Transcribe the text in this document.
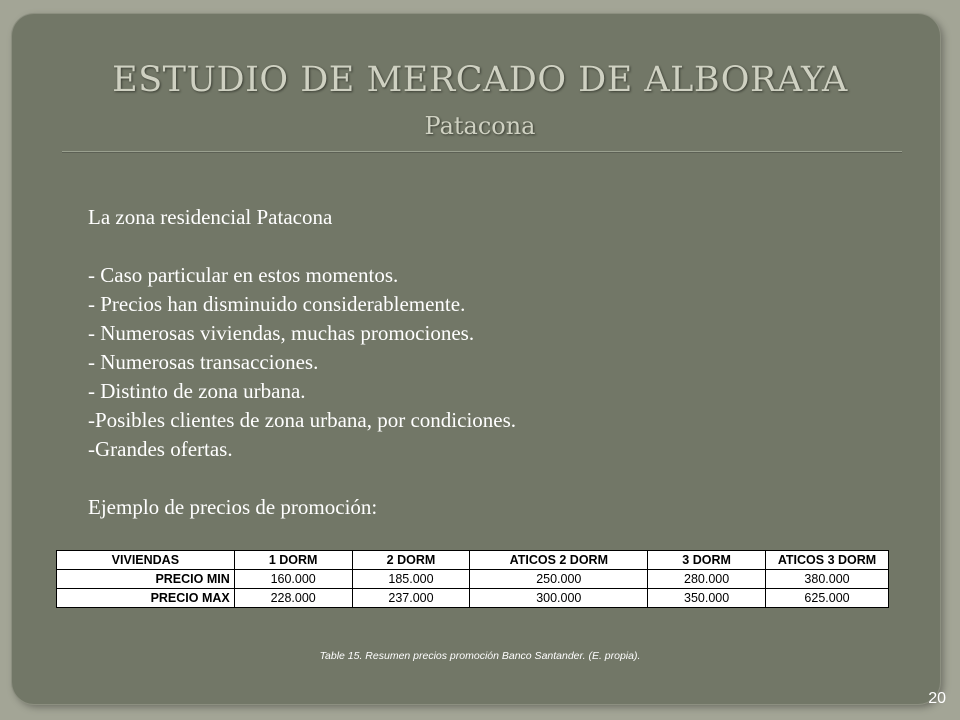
ESTUDIO DE MERCADO DE ALBORAYA
Patacona
La zona residencial Patacona
- Caso particular en estos momentos.
- Precios han disminuido considerablemente.
- Numerosas viviendas, muchas promociones.
- Numerosas transacciones.
- Distinto de zona urbana.
-Posibles clientes de zona urbana, por condiciones.
-Grandes ofertas.
Ejemplo de precios de promoción:
VIVIENDAS	1 DORM	2 DORM	ATICOS 2 DORM	3 DORM	ATICOS 3 DORM
PRECIO MIN	160.000	185.000	250.000	280.000	380.000
PRECIO MAX	228.000	237.000	300.000	350.000	625.000
Table 15. Resumen precios promoción Banco Santander. (E. propia).
20
